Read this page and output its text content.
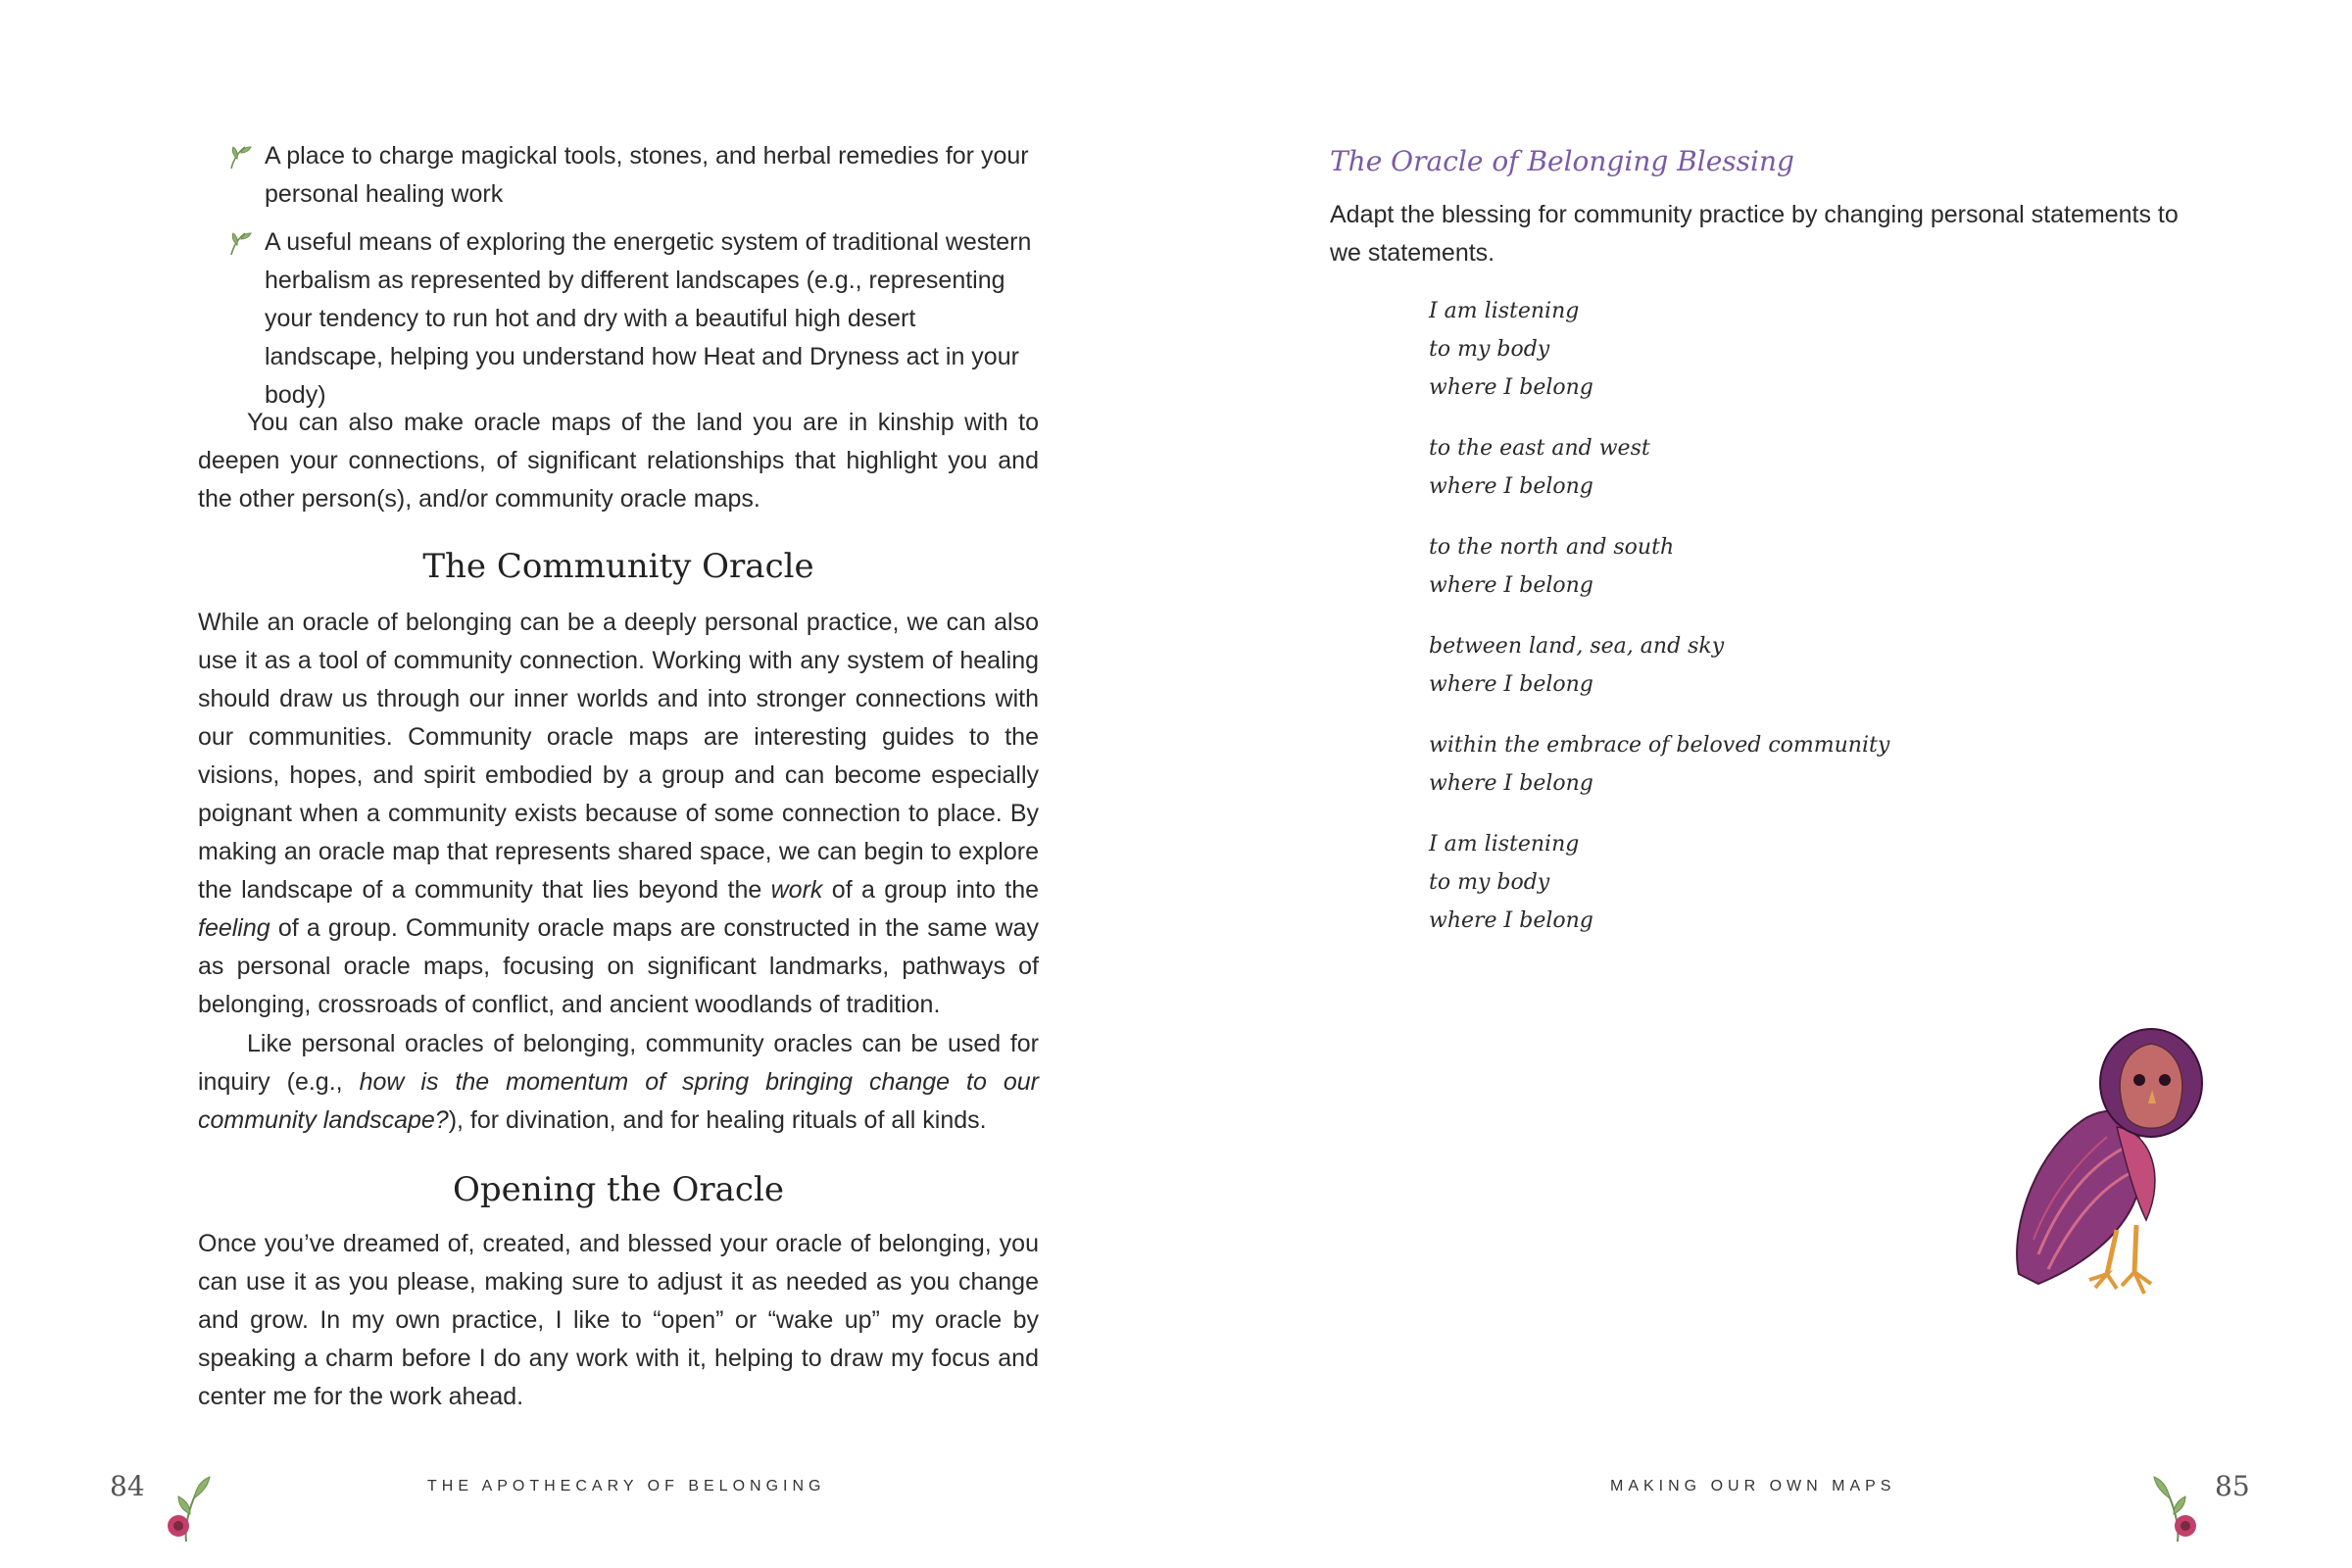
A place to charge magickal tools, stones, and herbal remedies for your personal healing work
A useful means of exploring the energetic system of traditional western herbalism as represented by different landscapes (e.g., representing your tendency to run hot and dry with a beautiful high desert landscape, helping you understand how Heat and Dryness act in your body)

You can also make oracle maps of the land you are in kinship with to deepen your connections, of significant relationships that highlight you and the other person(s), and/or community oracle maps.

The Community Oracle

While an oracle of belonging can be a deeply personal practice, we can also use it as a tool of community connection. Working with any system of healing should draw us through our inner worlds and into stronger connections with our communities. Community oracle maps are interesting guides to the visions, hopes, and spirit embodied by a group and can become especially poignant when a community exists because of some connection to place. By making an oracle map that represents shared space, we can begin to explore the landscape of a community that lies beyond the work of a group into the feeling of a group. Community oracle maps are constructed in the same way as personal oracle maps, focusing on significant landmarks, pathways of belonging, crossroads of conflict, and ancient woodlands of tradition.

Like personal oracles of belonging, community oracles can be used for inquiry (e.g., how is the momentum of spring bringing change to our community landscape?), for divination, and for healing rituals of all kinds.

Opening the Oracle

Once you’ve dreamed of, created, and blessed your oracle of belonging, you can use it as you please, making sure to adjust it as needed as you change and grow. In my own practice, I like to “open” or “wake up” my oracle by speaking a charm before I do any work with it, helping to draw my focus and center me for the work ahead.

84	THE APOTHECARY OF BELONGING
The Oracle of Belonging Blessing

Adapt the blessing for community practice by changing personal statements to we statements.

I am listening
to my body
where I belong
to the east and west
where I belong
to the north and south
where I belong
between land, sea, and sky
where I belong
within the embrace of beloved community
where I belong
I am listening
to my body
where I belong
MAKING OUR OWN MAPS	85
